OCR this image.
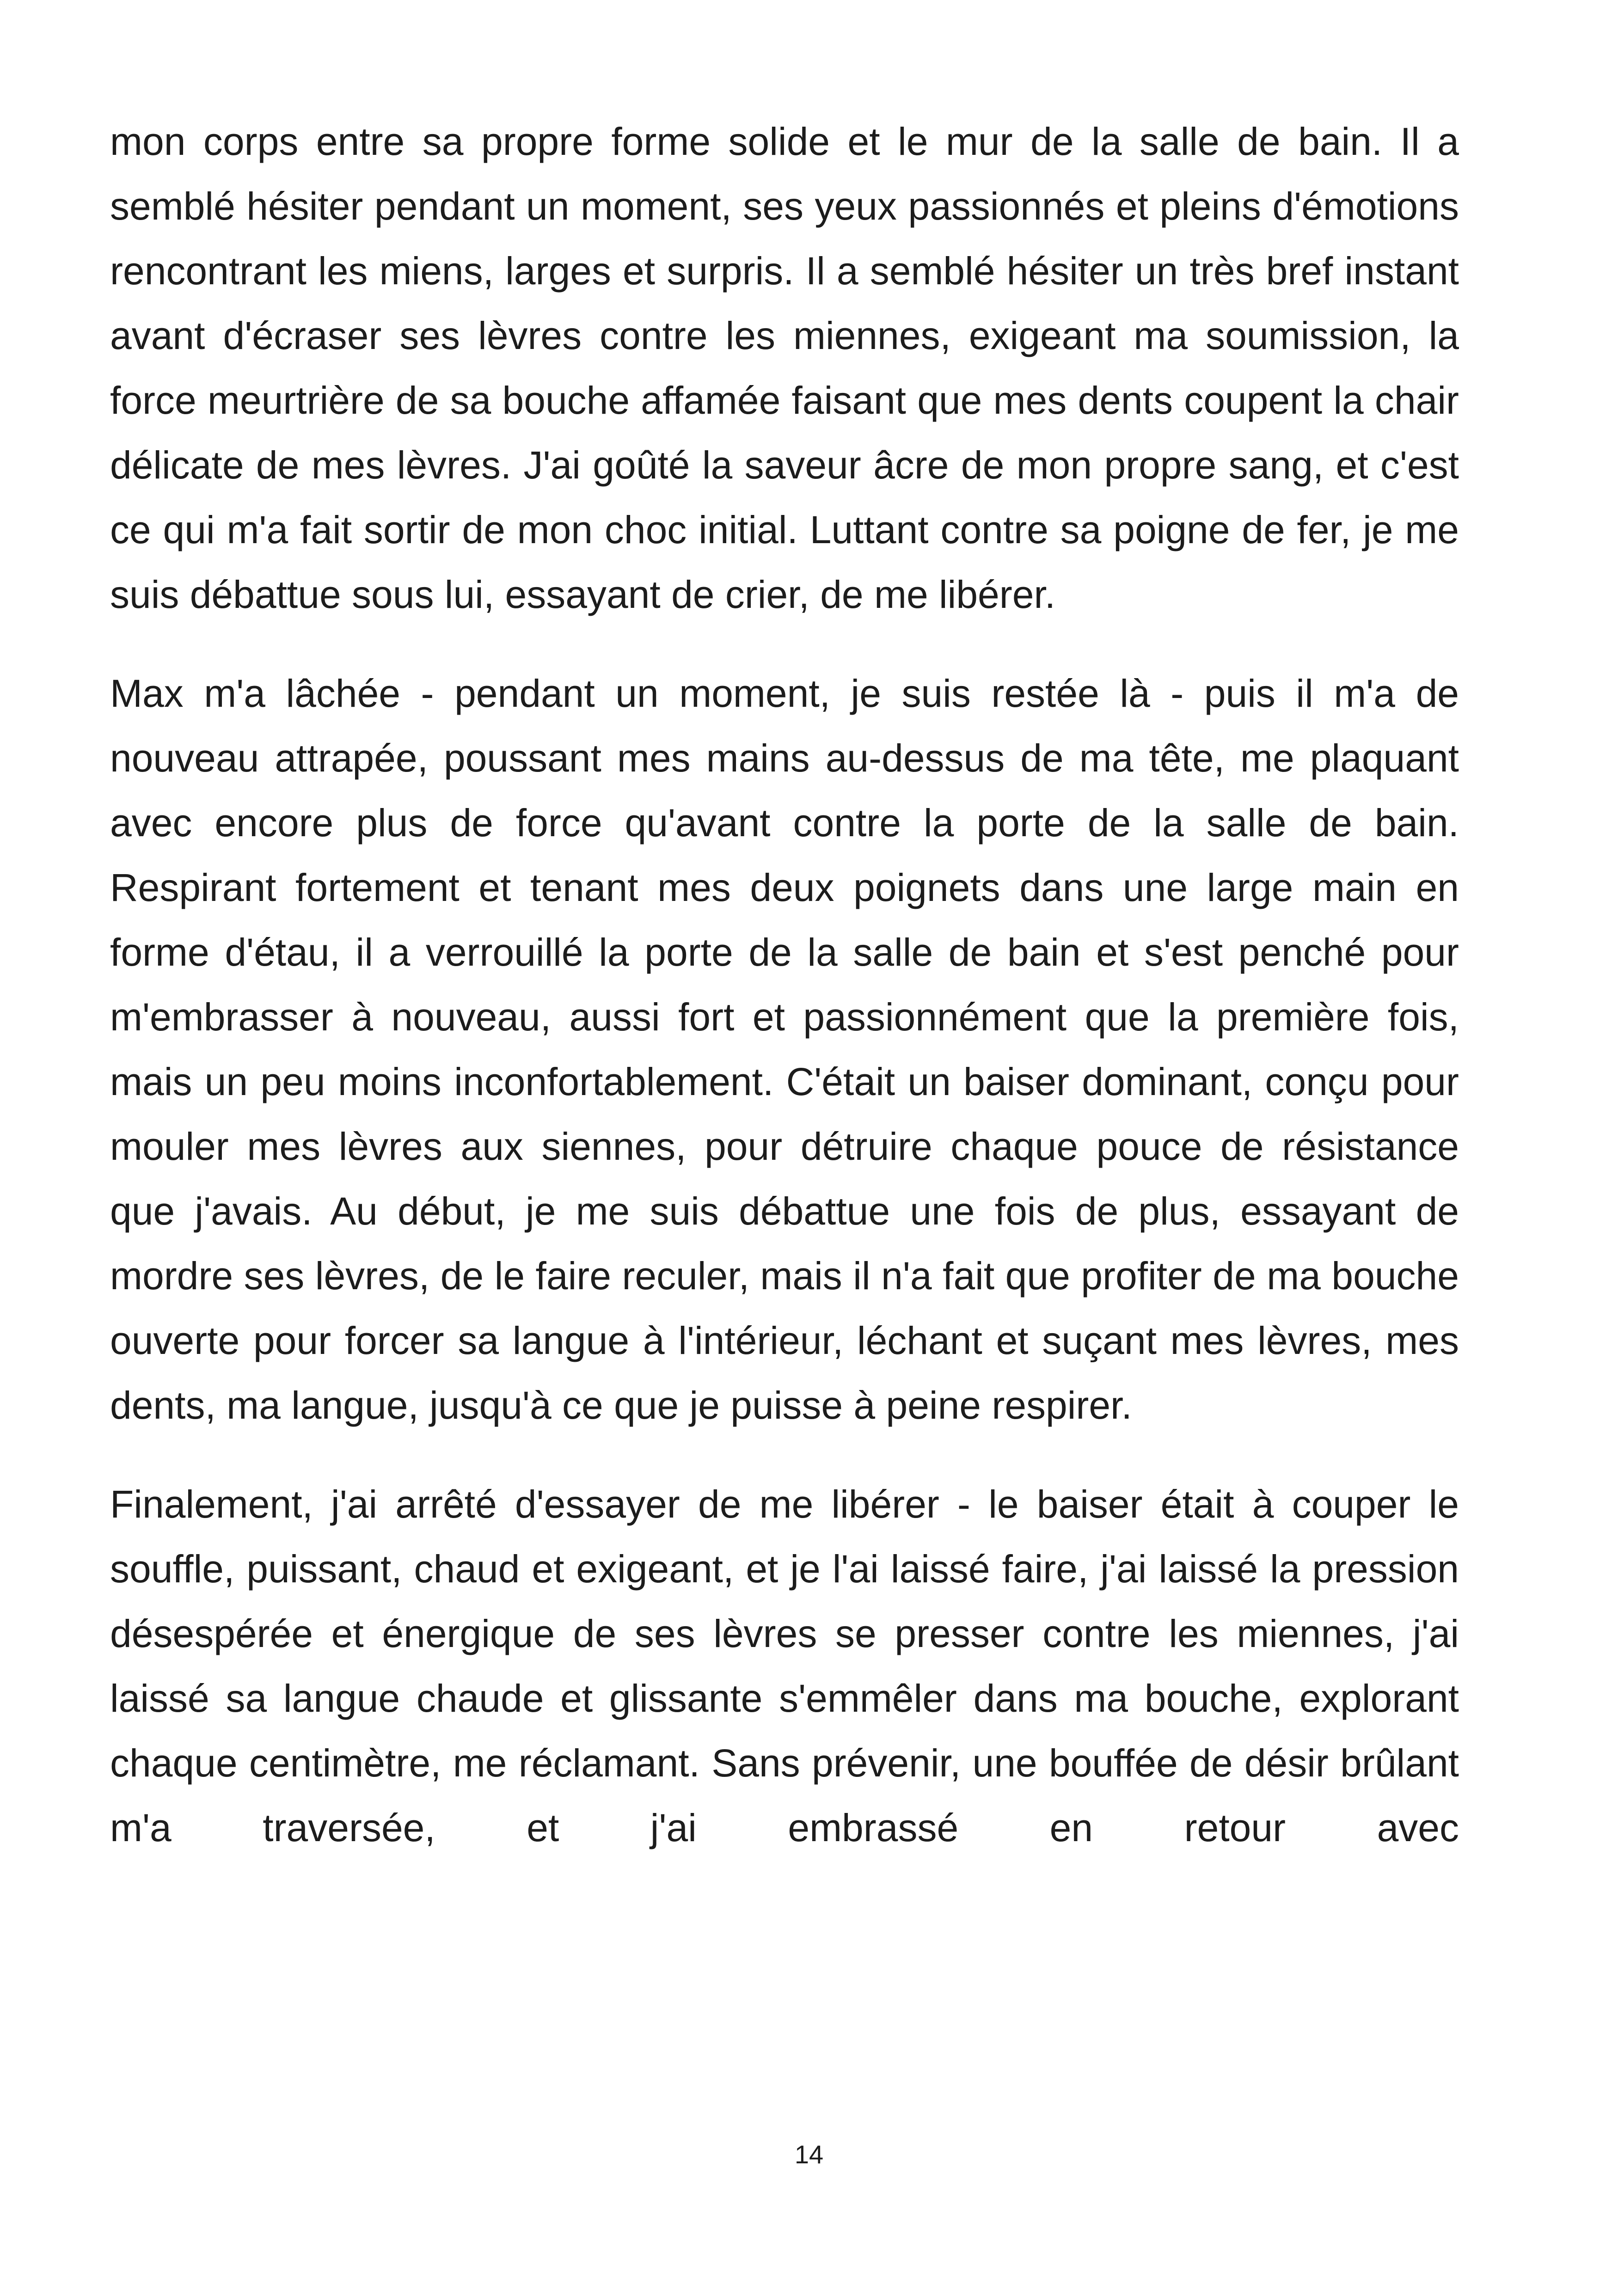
mon corps entre sa propre forme solide et le mur de la salle de bain. Il a semblé hésiter pendant un moment, ses yeux passionnés et pleins d'émotions rencontrant les miens, larges et surpris. Il a semblé hésiter un très bref instant avant d'écraser ses lèvres contre les miennes, exigeant ma soumission, la force meurtrière de sa bouche affamée faisant que mes dents coupent la chair délicate de mes lèvres. J'ai goûté la saveur âcre de mon propre sang, et c'est ce qui m'a fait sortir de mon choc initial. Luttant contre sa poigne de fer, je me suis débattue sous lui, essayant de crier, de me libérer.

Max m'a lâchée - pendant un moment, je suis restée là - puis il m'a de nouveau attrapée, poussant mes mains au-dessus de ma tête, me plaquant avec encore plus de force qu'avant contre la porte de la salle de bain. Respirant fortement et tenant mes deux poignets dans une large main en forme d'étau, il a verrouillé la porte de la salle de bain et s'est penché pour m'embrasser à nouveau, aussi fort et passionnément que la première fois, mais un peu moins inconfortablement. C'était un baiser dominant, conçu pour mouler mes lèvres aux siennes, pour détruire chaque pouce de résistance que j'avais. Au début, je me suis débattue une fois de plus, essayant de mordre ses lèvres, de le faire reculer, mais il n'a fait que profiter de ma bouche ouverte pour forcer sa langue à l'intérieur, léchant et suçant mes lèvres, mes dents, ma langue, jusqu'à ce que je puisse à peine respirer.

Finalement, j'ai arrêté d'essayer de me libérer - le baiser était à couper le souffle, puissant, chaud et exigeant, et je l'ai laissé faire, j'ai laissé la pression désespérée et énergique de ses lèvres se presser contre les miennes, j'ai laissé sa langue chaude et glissante s'emmêler dans ma bouche, explorant chaque centimètre, me réclamant. Sans prévenir, une bouffée de désir brûlant m'a traversée, et j'ai embrassé en retour avec

14
